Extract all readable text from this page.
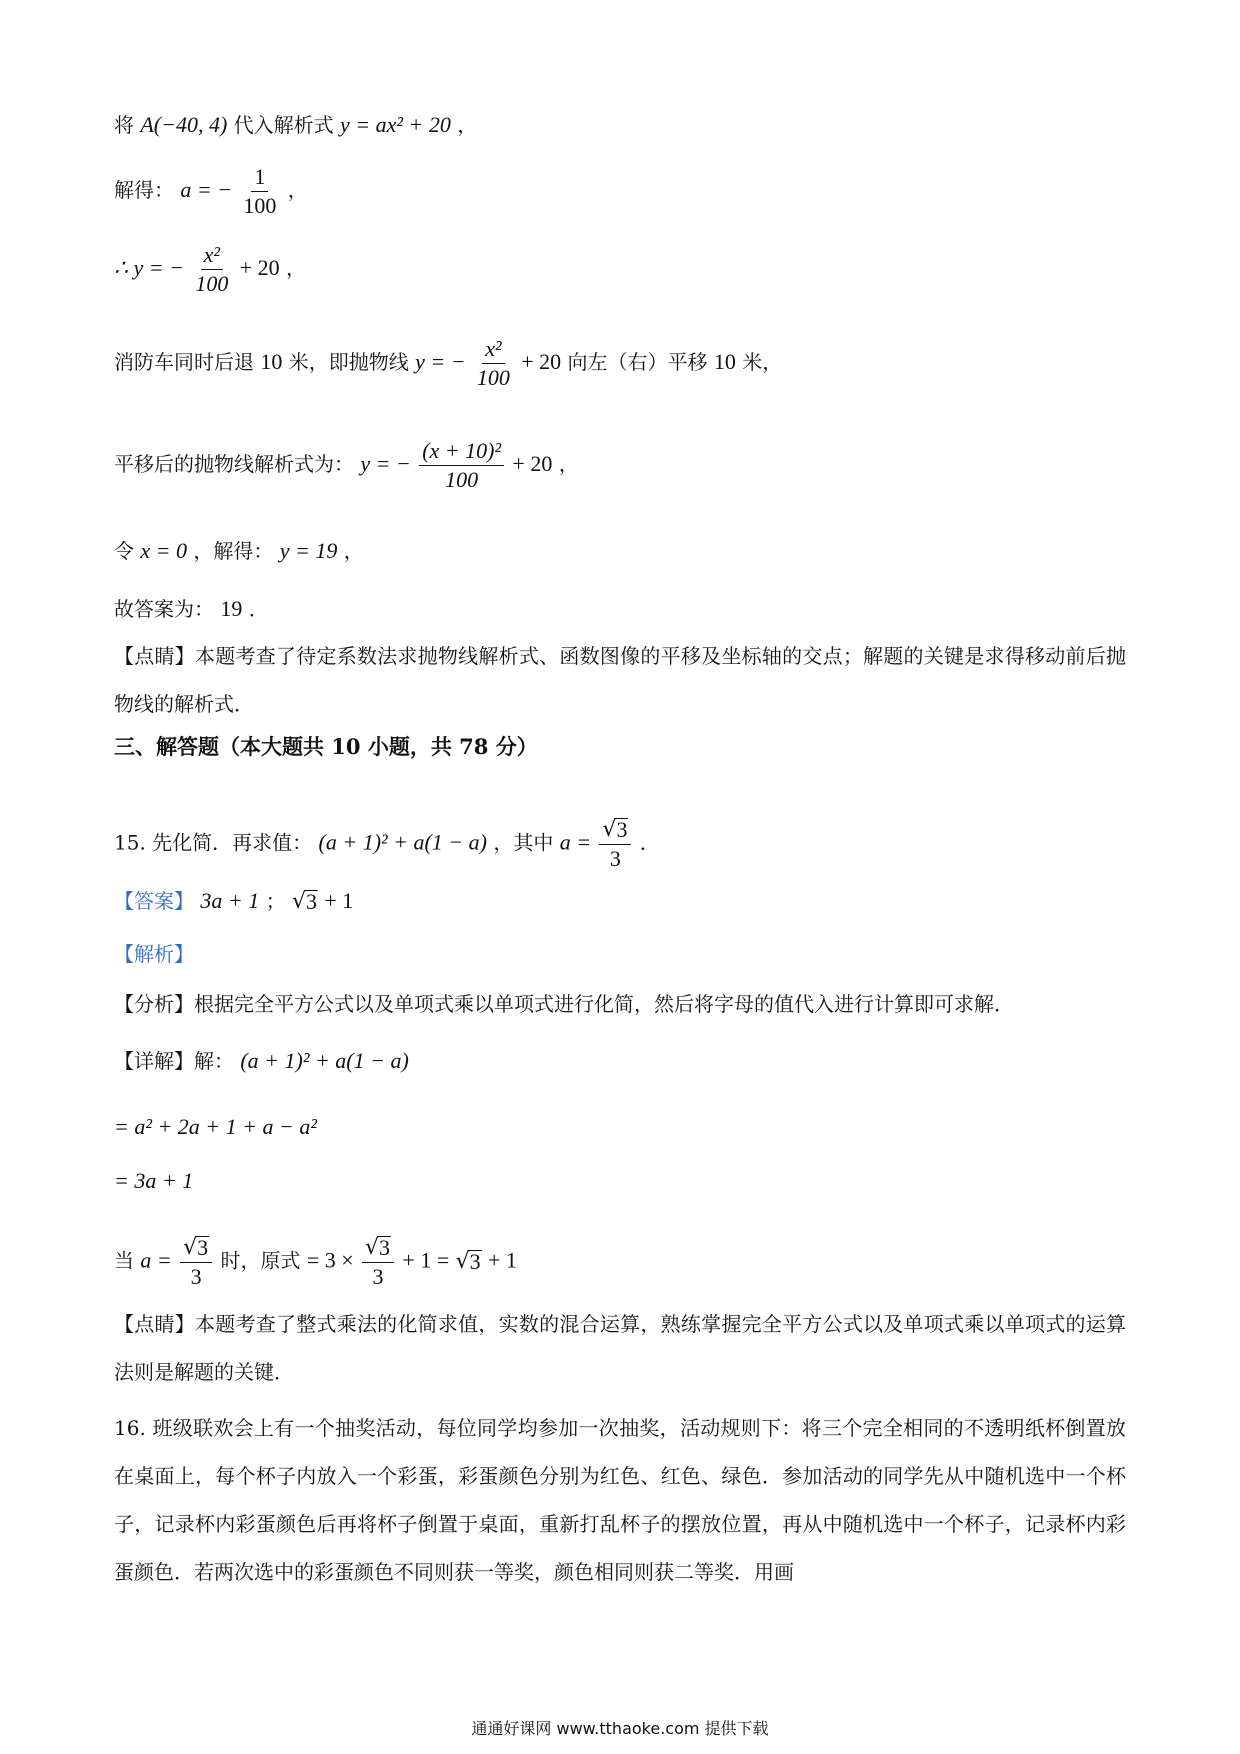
将 A(−40, 4) 代入解析式 y = ax² + 20 ，
解得： a = − $\frac{1}{100}$ ，
∴ y = − $\frac{\text{x²}}{100} + 20$ ，
消防车同时后退 10 米，即抛物线 y = − $\frac{\text{x²}}{100} + 20$ 向左（右）平移 10 米，
平移后的抛物线解析式为： y = − $\frac{\text{(x + 10)²}}{100} + 20$ ，
令 x = 0 ，解得： y = 19 ，
故答案为： 19 ．
【点睛】本题考查了待定系数法求抛物线解析式、函数图像的平移及坐标轴的交点；解题的关键是求得移动前后抛物线的解析式．
三、解答题（本大题共 10 小题，共 78 分）
15. 先化简．再求值： (a + 1)² + a(1 − a) ，其中 $a = \frac{√ 3}{3}$ ．
【答案】 3a + 1 ； √ 3 + 1
【解析】
【分析】根据完全平方公式以及单项式乘以单项式进行化简，然后将字母的值代入进行计算即可求解．
【详解】解： (a + 1)² + a(1 − a)
= a² + 2a + 1 + a − a²
= 3a + 1
当 $a = \frac{√ 3}{3}$ 时，原式 = $3 \times \frac{√ 3}{3} + 1$ = √ 3 + 1
【点睛】本题考查了整式乘法的化简求值，实数的混合运算，熟练掌握完全平方公式以及单项式乘以单项式的运算法则是解题的关键．
16. 班级联欢会上有一个抽奖活动，每位同学均参加一次抽奖，活动规则下：将三个完全相同的不透明纸杯倒置放在桌面上，每个杯子内放入一个彩蛋，彩蛋颜色分别为红色、红色、绿色．参加活动的同学先从中随机选中一个杯子，记录杯内彩蛋颜色后再将杯子倒置于桌面，重新打乱杯子的摆放位置，再从中随机选中一个杯子，记录杯内彩蛋颜色．若两次选中的彩蛋颜色不同则获一等奖，颜色相同则获二等奖．用画
通通好课网 www.tthaoke.com 提供下载
